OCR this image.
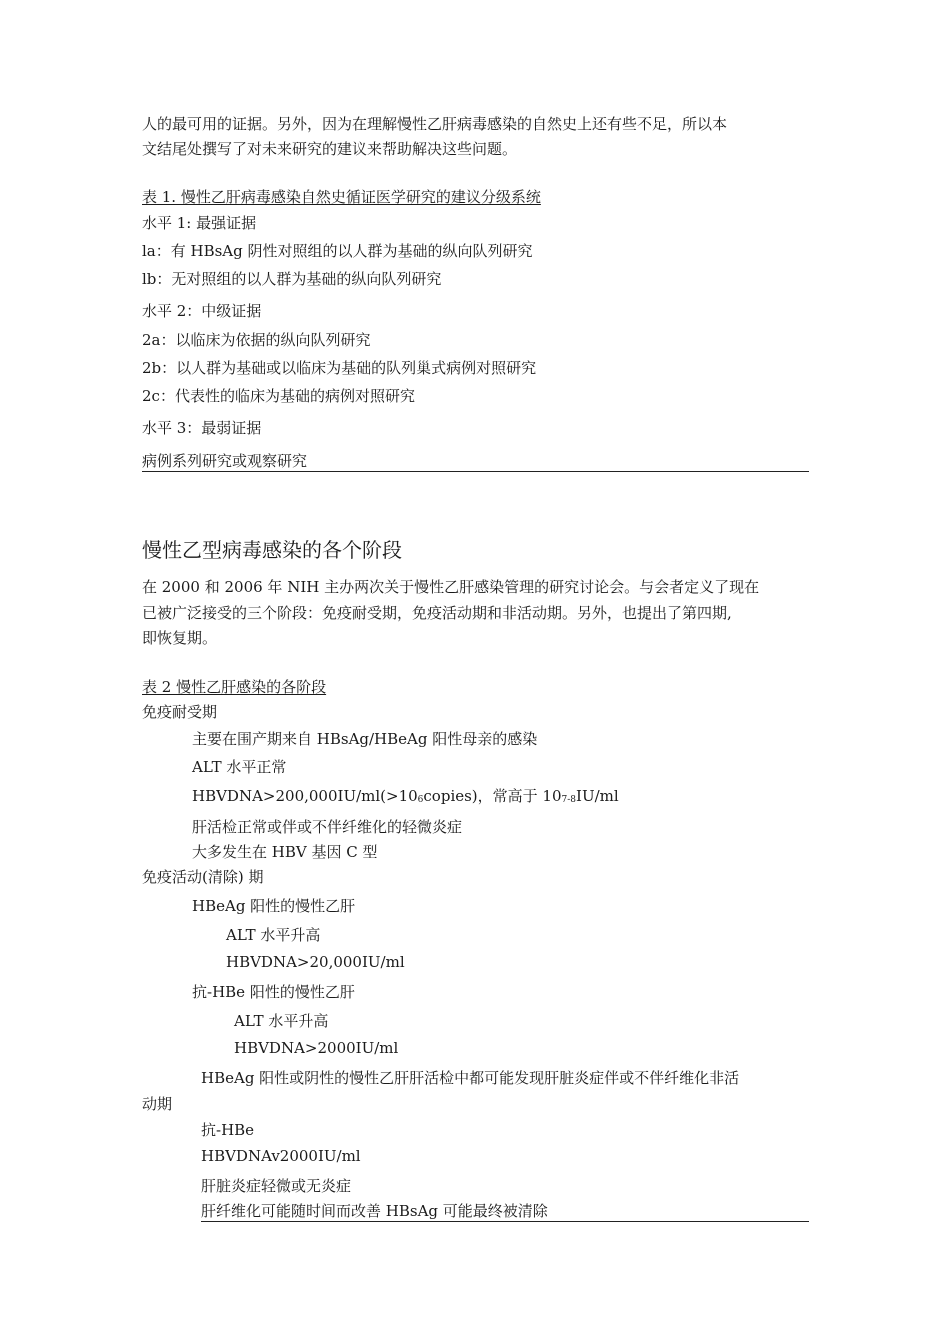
人的最可用的证据。另外，因为在理解慢性乙肝病毒感染的自然史上还有些不足，所以本
文结尾处撰写了对未来研究的建议来帮助解决这些问题。
表 1. 慢性乙肝病毒感染自然史循证医学研究的建议分级系统
水平 1: 最强证据
la：有 HBsAg 阴性对照组的以人群为基础的纵向队列研究
lb：无对照组的以人群为基础的纵向队列研究
水平 2：中级证据
2a：以临床为依据的纵向队列研究
2b：以人群为基础或以临床为基础的队列巢式病例对照研究
2c：代表性的临床为基础的病例对照研究
水平 3：最弱证据
病例系列研究或观察研究
慢性乙型病毒感染的各个阶段
在 2000 和 2006 年 NIH 主办两次关于慢性乙肝感染管理的研究讨论会。与会者定义了现在
已被广泛接受的三个阶段：免疫耐受期，免疫活动期和非活动期。另外，也提出了第四期,
即恢复期。
表 2 慢性乙肝感染的各阶段
免疫耐受期
主要在围产期来自 HBsAg/HBeAg 阳性母亲的感染
ALT 水平正常
$HBVDNA>200,000IU/ml(>10_6copies)$，常高于 $10_{7-8}IU/ml$
肝活检正常或伴或不伴纤维化的轻微炎症
大多发生在 HBV 基因 C 型
免疫活动(清除) 期
HBeAg 阳性的慢性乙肝
ALT 水平升高
HBVDNA>20,000IU/ml
抗-HBe 阳性的慢性乙肝
ALT 水平升高
HBVDNA>2000IU/ml
HBeAg 阳性或阴性的慢性乙肝肝活检中都可能发现肝脏炎症伴或不伴纤维化非活
动期
抗-HBe
HBVDNAv2000IU/ml
肝脏炎症轻微或无炎症
肝纤维化可能随时间而改善 HBsAg 可能最终被清除
